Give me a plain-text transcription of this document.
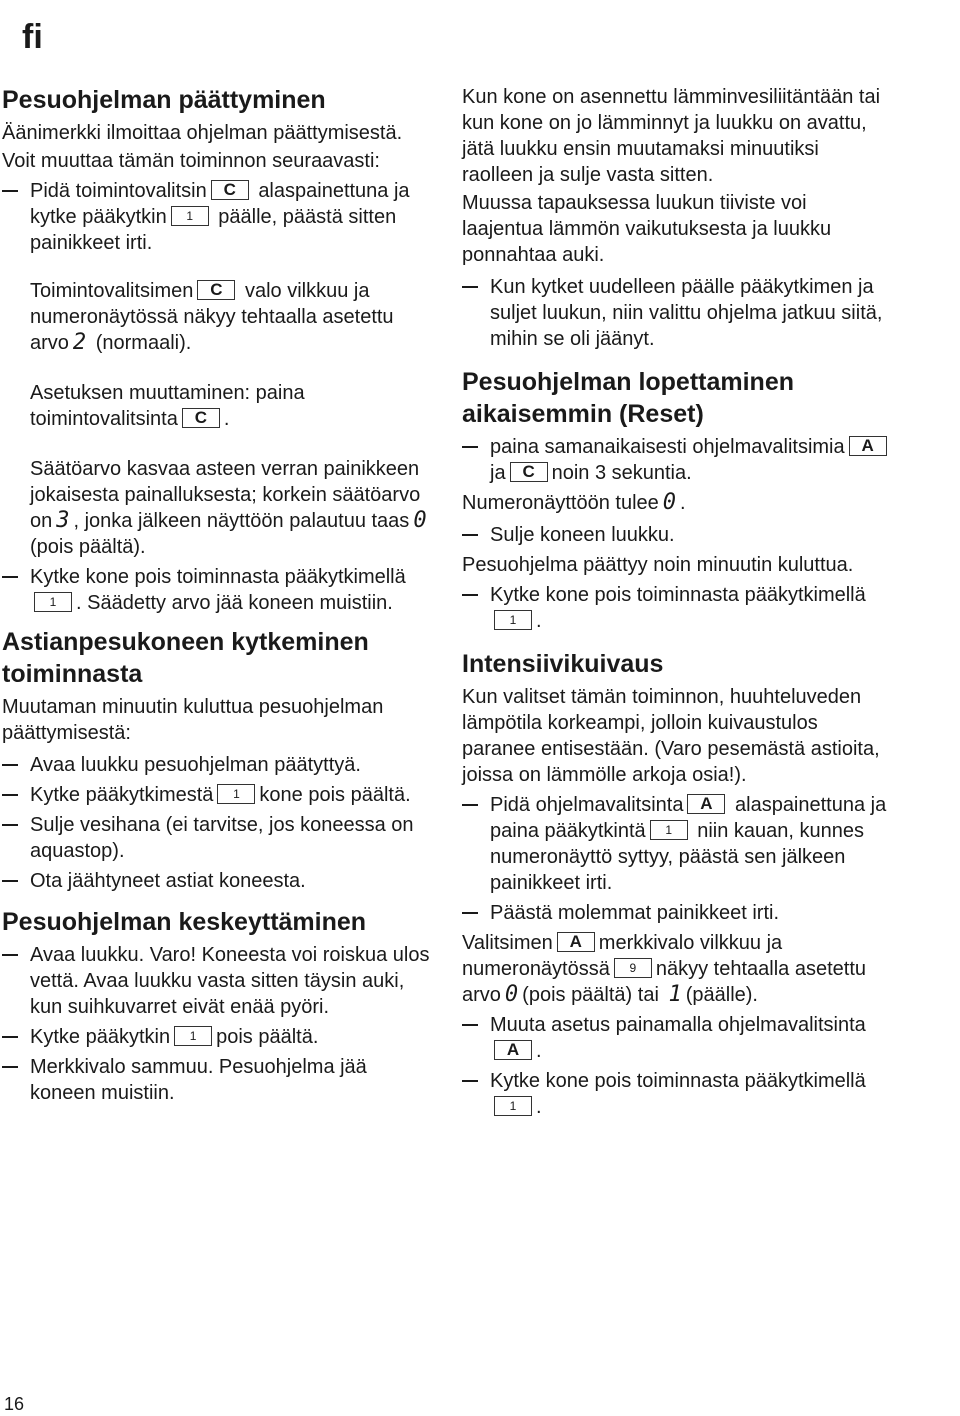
fi
Pesuohjelman päättyminen

Äänimerkki ilmoittaa ohjelman päättymisestä.

Voit muuttaa tämän toiminnon seuraavasti:

Pidä toimintovalitsin C alaspainettuna ja kytke pääkytkin 1 päälle, päästä sitten painikkeet irti.
Toimintovalitsimen C valo vilkkuu ja numeronäytössä näkyy tehtaalla asetettu arvo 2 (normaali).
Asetuksen muuttaminen: paina toimintovalitsinta C .
Säätöarvo kasvaa asteen verran painikkeen jokaisesta painalluksesta; korkein säätöarvo on 3 , jonka jälkeen näyttöön palautuu taas 0(pois päältä).
Kytke kone pois toiminnasta pääkytkimellä1 . Säädetty arvo jää koneen muistiin.
Astianpesukoneen kytkeminen toiminnasta

Muutaman minuutin kuluttua pesuohjelman päättymisestä:

Avaa luukku pesuohjelman päätyttyä.
Kytke pääkytkimestä 1 kone pois päältä.
Sulje vesihana (ei tarvitse, jos koneessa on aquastop).
Ota jäähtyneet astiat koneesta.
Pesuohjelman keskeyttäminen
Avaa luukku. Varo! Koneesta voi roiskua ulos vettä. Avaa luukku vasta sitten täysin auki, kun suihkuvarret eivät enää pyöri.
Kytke pääkytkin 1 pois päältä.
Merkkivalo sammuu. Pesuohjelma jää koneen muistiin.

Kun kone on asennettu lämminvesiliitäntään tai kun kone on jo lämminnyt ja luukku on avattu, jätä luukku ensin muutamaksi minuutiksi raolleen ja sulje vasta sitten.

Muussa tapauksessa luukun tiiviste voi laajentua lämmön vaikutuksesta ja luukku ponnahtaa auki.

Kun kytket uudelleen päälle pääkytkimen ja suljet luukun, niin valittu ohjelma jatkuu siitä, mihin se oli jäänyt.
Pesuohjelman lopettaminen aikaisemmin (Reset)
paina samanaikaisesti ohjelmavalitsimia Aja C noin 3 sekuntia.

Numeronäyttöön tulee 0 .

Sulje koneen luukku.

Pesuohjelma päättyy noin minuutin kuluttua.

Kytke kone pois toiminnasta pääkytkimellä1 .
Intensiivikuivaus

Kun valitset tämän toiminnon, huuhteluveden lämpötila korkeampi, jolloin kuivaustulos paranee entisestään. (Varo pesemästä astioita, joissa on lämmölle arkoja osia!).

Pidä ohjelmavalitsinta A alaspainettuna ja paina pääkytkintä 1 niin kauan, kunnes numeronäyttö syttyy, päästä sen jälkeen painikkeet irti.
Päästä molemmat painikkeet irti.

Valitsimen A merkkivalo vilkkuu ja numeronäytössä 9 näkyy tehtaalla asetettu arvo 0 (pois päältä) tai 1 (päälle).

Muuta asetus painamalla ohjelmavalitsintaA .
Kytke kone pois toiminnasta pääkytkimellä1 .
16
